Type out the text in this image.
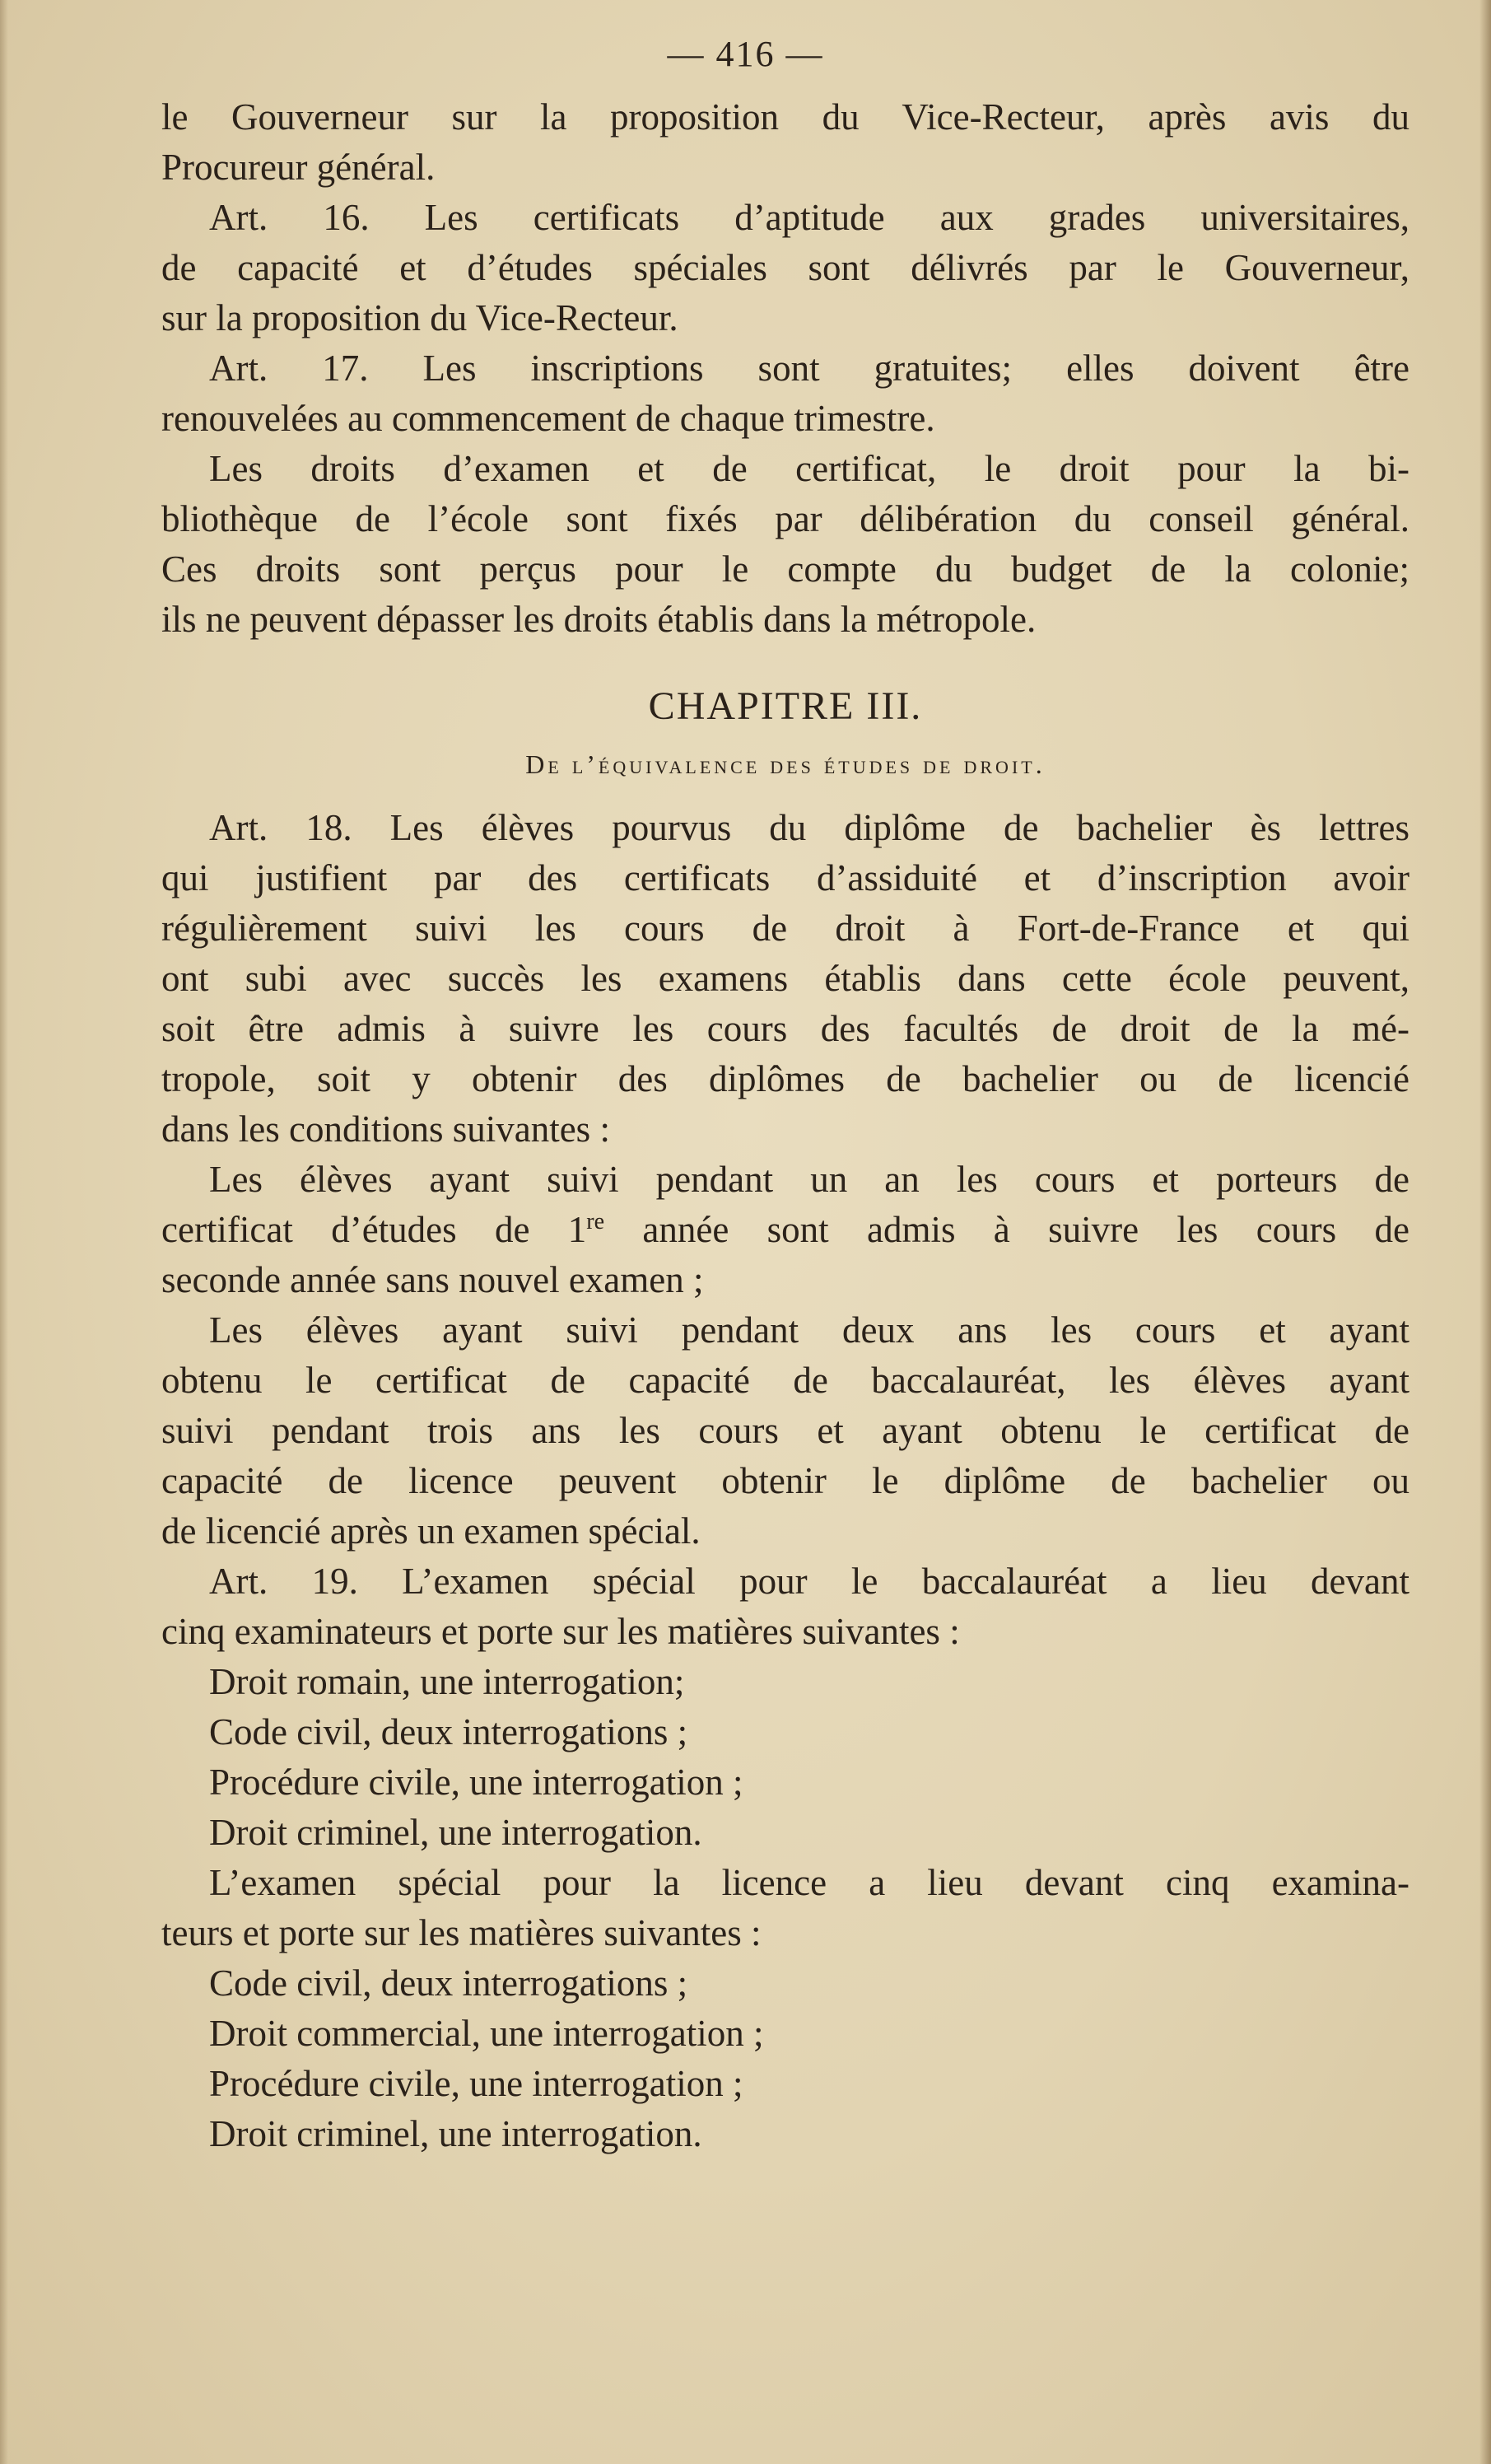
— 416 —
le Gouverneur sur la proposition du Vice-Recteur, après avis du
Procureur général.
Art. 16. Les certificats d’aptitude aux grades universitaires,
de capacité et d’études spéciales sont délivrés par le Gouverneur,
sur la proposition du Vice-Recteur.
Art. 17. Les inscriptions sont gratuites; elles doivent être
renouvelées au commencement de chaque trimestre.
Les droits d’examen et de certificat, le droit pour la bi-
bliothèque de l’école sont fixés par délibération du conseil général.
Ces droits sont perçus pour le compte du budget de la colonie;
ils ne peuvent dépasser les droits établis dans la métropole.
CHAPITRE III.
De l’équivalence des études de droit.
Art. 18. Les élèves pourvus du diplôme de bachelier ès lettres
qui justifient par des certificats d’assiduité et d’inscription avoir
régulièrement suivi les cours de droit à Fort-de-France et qui
ont subi avec succès les examens établis dans cette école peuvent,
soit être admis à suivre les cours des facultés de droit de la mé-
tropole, soit y obtenir des diplômes de bachelier ou de licencié
dans les conditions suivantes :
Les élèves ayant suivi pendant un an les cours et porteurs de
certificat d’études de 1re année sont admis à suivre les cours de
seconde année sans nouvel examen ;
Les élèves ayant suivi pendant deux ans les cours et ayant
obtenu le certificat de capacité de baccalauréat, les élèves ayant
suivi pendant trois ans les cours et ayant obtenu le certificat de
capacité de licence peuvent obtenir le diplôme de bachelier ou
de licencié après un examen spécial.
Art. 19. L’examen spécial pour le baccalauréat a lieu devant
cinq examinateurs et porte sur les matières suivantes :
Droit romain, une interrogation;
Code civil, deux interrogations ;
Procédure civile, une interrogation ;
Droit criminel, une interrogation.
L’examen spécial pour la licence a lieu devant cinq examina-
teurs et porte sur les matières suivantes :
Code civil, deux interrogations ;
Droit commercial, une interrogation ;
Procédure civile, une interrogation ;
Droit criminel, une interrogation.
